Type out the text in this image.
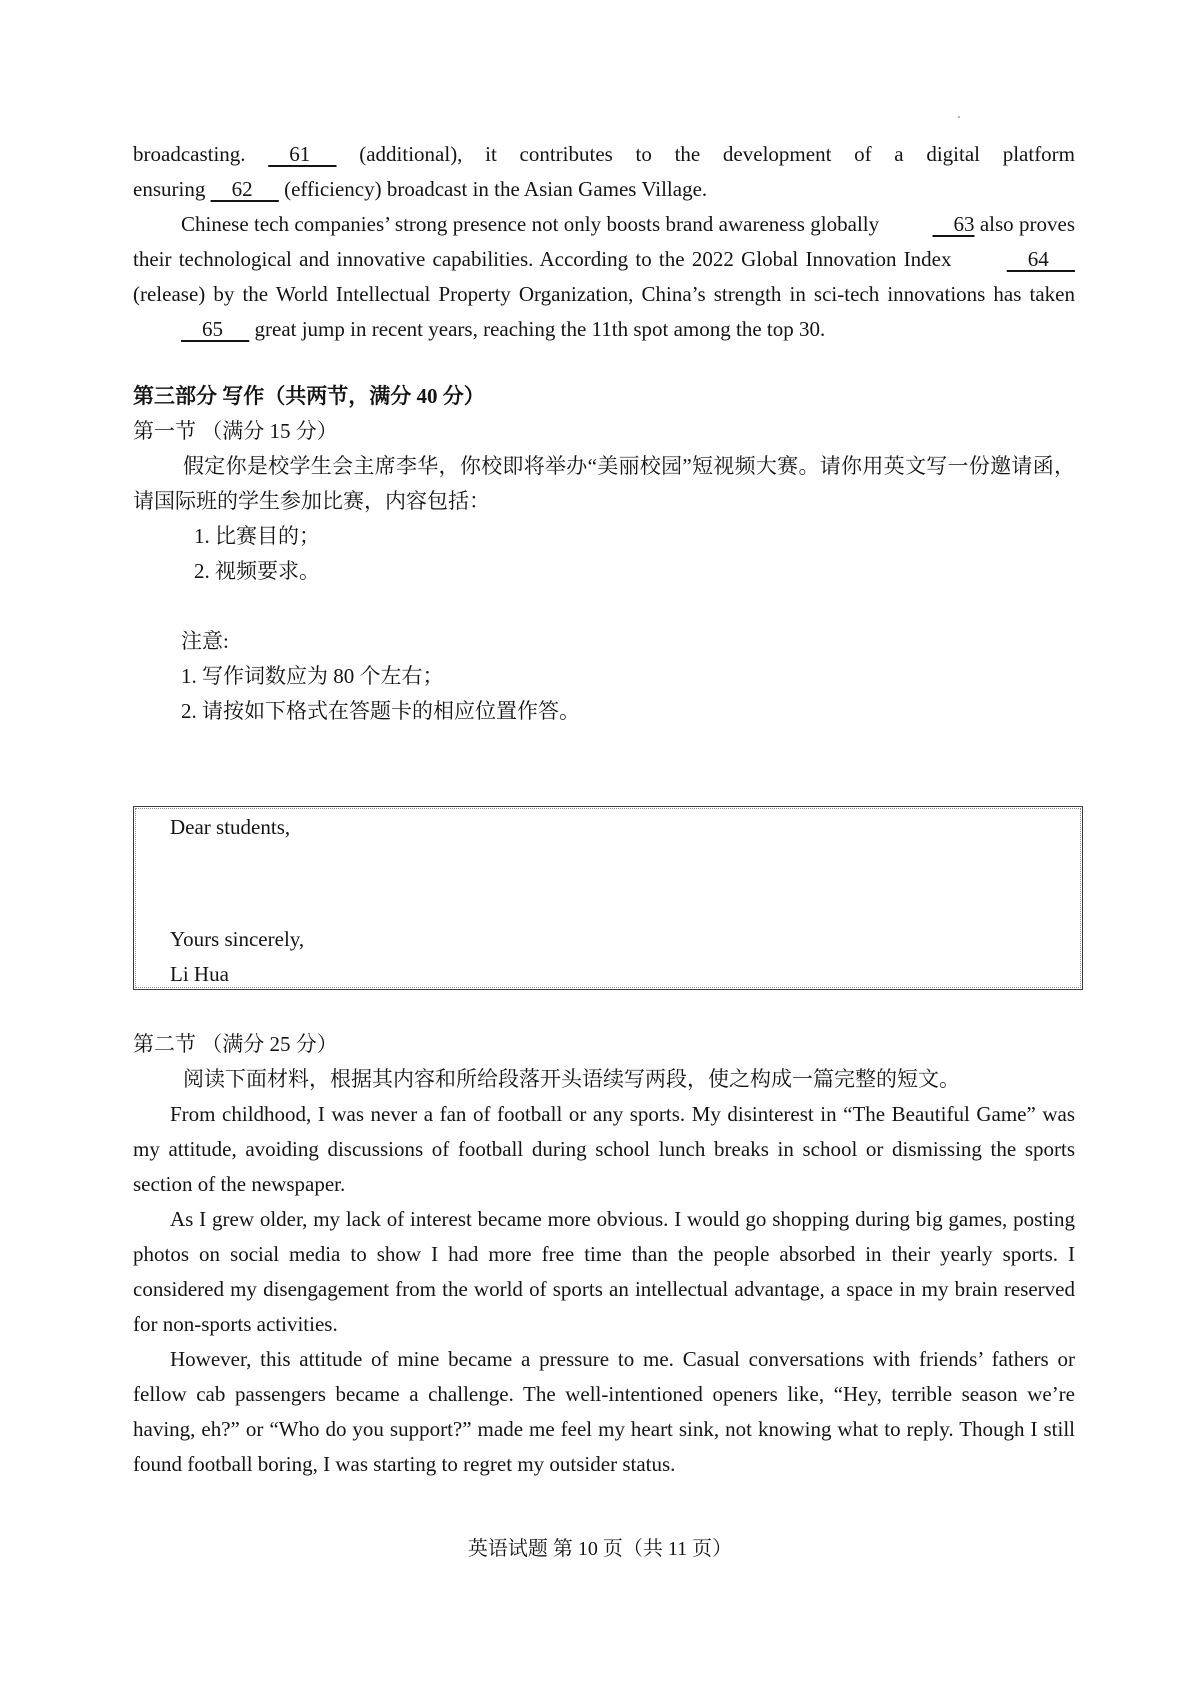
broadcasting.     61      (additional), it contributes to the development of a digital platform

ensuring     62      (efficiency) broadcast in the Asian Games Village.

Chinese tech companies’ strong presence not only boosts brand awareness globally     63 also proves their technological and innovative capabilities. According to the 2022 Global Innovation Index     64      (release) by the World Intellectual Property Organization, China’s strength in sci-tech innovations has taken     65      great jump in recent years, reaching the 11th spot among the top 30.

第三部分 写作（共两节，满分 40 分）

第一节 （满分 15 分）

假定你是校学生会主席李华，你校即将举办“美丽校园”短视频大赛。请你用英文写一份邀请函，请国际班的学生参加比赛，内容包括：

1. 比赛目的；

2. 视频要求。

注意:

1. 写作词数应为 80 个左右；

2. 请按如下格式在答题卡的相应位置作答。

Dear students,
Yours sincerely,
Li Hua

第二节 （满分 25 分）

阅读下面材料，根据其内容和所给段落开头语续写两段，使之构成一篇完整的短文。

From childhood, I was never a fan of football or any sports. My disinterest in “The Beautiful Game” was my attitude, avoiding discussions of football during school lunch breaks in school or dismissing the sports section of the newspaper.

As I grew older, my lack of interest became more obvious. I would go shopping during big games, posting photos on social media to show I had more free time than the people absorbed in their yearly sports. I considered my disengagement from the world of sports an intellectual advantage, a space in my brain reserved for non-sports activities.

However, this attitude of mine became a pressure to me. Casual conversations with friends’ fathers or fellow cab passengers became a challenge. The well-intentioned openers like, “Hey, terrible season we’re having, eh?” or “Who do you support?” made me feel my heart sink, not knowing what to reply. Though I still found football boring, I was starting to regret my outsider status.

英语试题 第 10 页（共 11 页）
